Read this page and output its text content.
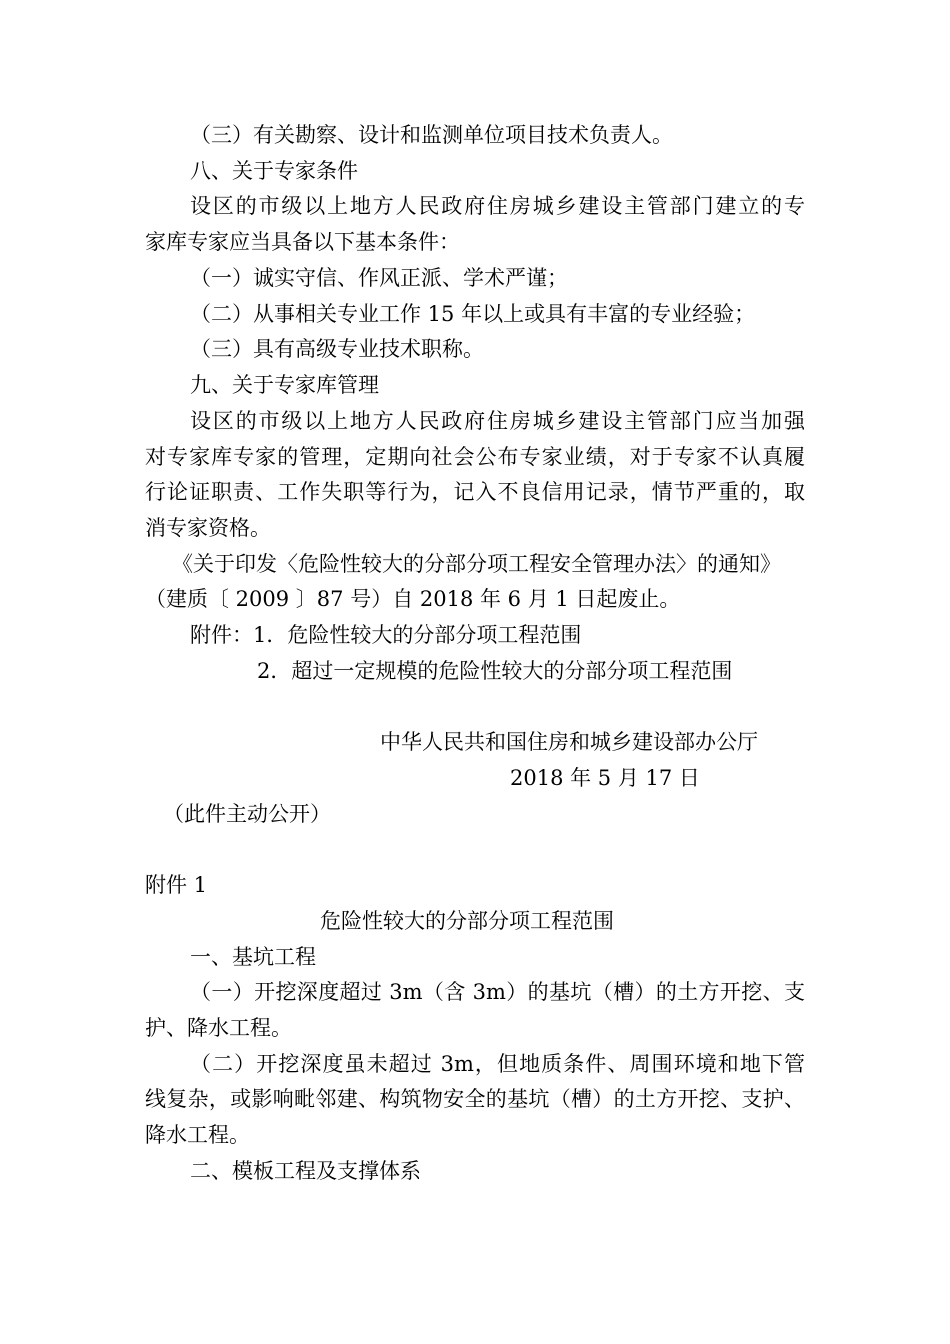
（三）有关勘察、设计和监测单位项目技术负责人。
八、关于专家条件
设区的市级以上地方人民政府住房城乡建设主管部门建立的专
家库专家应当具备以下基本条件：
（一）诚实守信、作风正派、学术严谨；
（二）从事相关专业工作 15 年以上或具有丰富的专业经验；
（三）具有高级专业技术职称。
九、关于专家库管理
设区的市级以上地方人民政府住房城乡建设主管部门应当加强
对专家库专家的管理，定期向社会公布专家业绩，对于专家不认真履
行论证职责、工作失职等行为，记入不良信用记录，情节严重的，取
消专家资格。
《关于印发〈危险性较大的分部分项工程安全管理办法〉的通知》
（建质〔 2009 〕87 号）自 2018 年 6 月 1 日起废止。
附件：1．危险性较大的分部分项工程范围
2．超过一定规模的危险性较大的分部分项工程范围
中华人民共和国住房和城乡建设部办公厅
2018 年 5 月 17 日
（此件主动公开）
附件 1
危险性较大的分部分项工程范围
一、基坑工程
（一）开挖深度超过 3m（含 3m）的基坑（槽）的土方开挖、支
护、降水工程。
（二）开挖深度虽未超过 3m，但地质条件、周围环境和地下管
线复杂，或影响毗邻建、构筑物安全的基坑（槽）的土方开挖、支护、
降水工程。
二、模板工程及支撑体系
